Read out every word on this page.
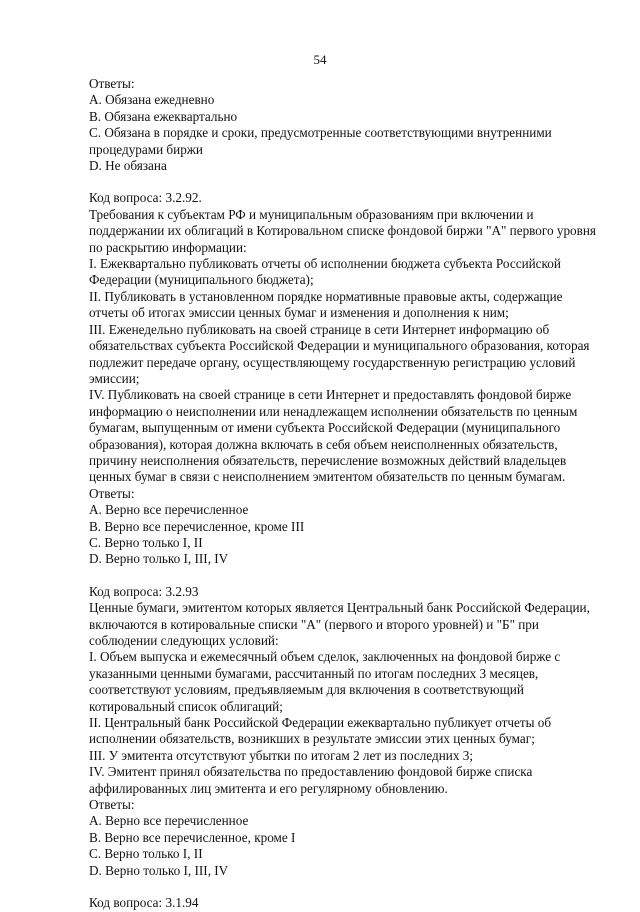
54
Ответы:
A. Обязана ежедневно
B. Обязана ежеквартально
C. Обязана в порядке и сроки, предусмотренные соответствующими внутренними
процедурами биржи
D. Не обязана
Код вопроса: 3.2.92.
Требования к субъектам РФ и муниципальным образованиям при включении и
поддержании их облигаций в Котировальном списке фондовой биржи "А" первого уровня
по раскрытию информации:
I. Ежеквартально публиковать отчеты об исполнении бюджета субъекта Российской
Федерации (муниципального бюджета);
II. Публиковать в установленном порядке нормативные правовые акты, содержащие
отчеты об итогах эмиссии ценных бумаг и изменения и дополнения к ним;
III. Еженедельно публиковать на своей странице в сети Интернет информацию об
обязательствах субъекта Российской Федерации и муниципального образования, которая
подлежит передаче органу, осуществляющему государственную регистрацию условий
эмиссии;
IV. Публиковать на своей странице в сети Интернет и предоставлять фондовой бирже
информацию о неисполнении или ненадлежащем исполнении обязательств по ценным
бумагам, выпущенным от имени субъекта Российской Федерации (муниципального
образования), которая должна включать в себя объем неисполненных обязательств,
причину неисполнения обязательств, перечисление возможных действий владельцев
ценных бумаг в связи с неисполнением эмитентом обязательств по ценным бумагам.
Ответы:
A. Верно все перечисленное
B. Верно все перечисленное, кроме III
C. Верно только I, II
D. Верно только I, III, IV
Код вопроса: 3.2.93
Ценные бумаги, эмитентом которых является Центральный банк Российской Федерации,
включаются в котировальные списки "А" (первого и второго уровней) и "Б" при
соблюдении следующих условий:
I. Объем выпуска и ежемесячный объем сделок, заключенных на фондовой бирже с
указанными ценными бумагами, рассчитанный по итогам последних 3 месяцев,
соответствуют условиям, предъявляемым для включения в соответствующий
котировальный список облигаций;
II. Центральный банк Российской Федерации ежеквартально публикует отчеты об
исполнении обязательств, возникших в результате эмиссии этих ценных бумаг;
III. У эмитента отсутствуют убытки по итогам 2 лет из последних 3;
IV. Эмитент принял обязательства по предоставлению фондовой бирже списка
аффилированных лиц эмитента и его регулярному обновлению.
Ответы:
A. Верно все перечисленное
B. Верно все перечисленное, кроме I
C. Верно только I, II
D. Верно только I, III, IV
Код вопроса: 3.1.94
